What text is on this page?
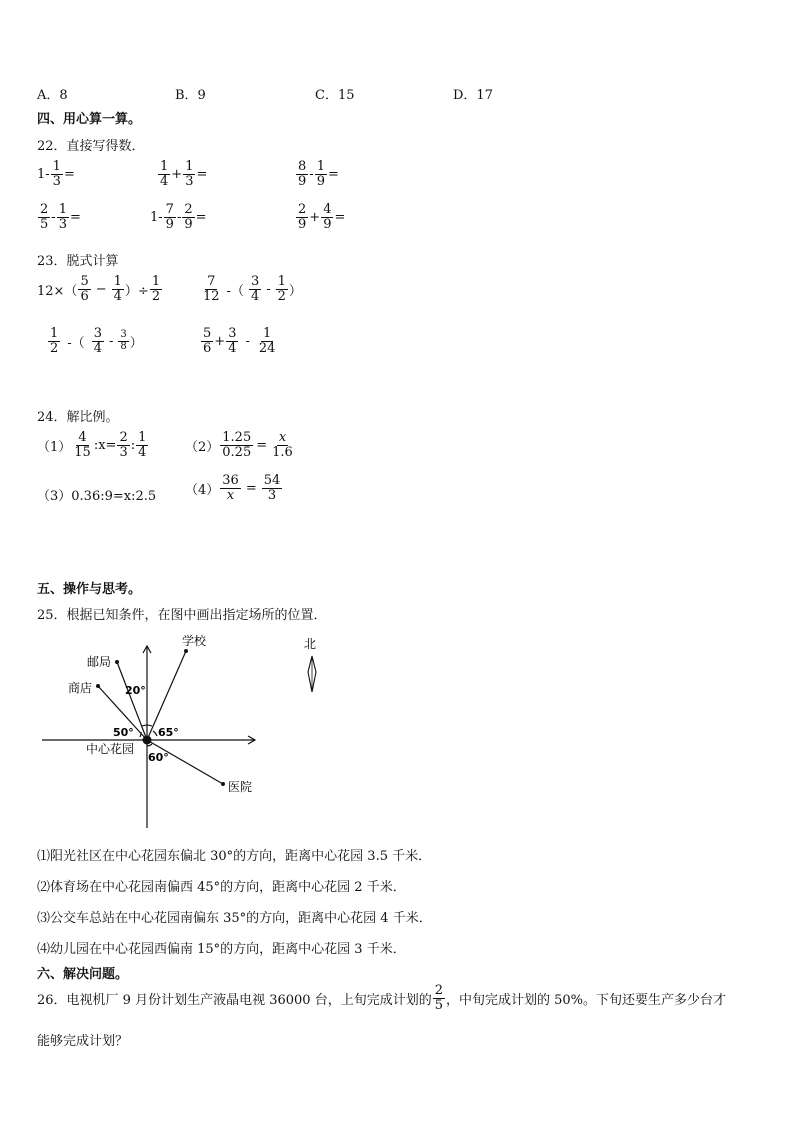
A．8	B．9	C．15	D．17
四、用心算一算。
22．直接写得数．
$1- \frac{1}{3}$ =	$\frac{1}{4} + \frac{1}{3}$ =	$\frac{8}{9} - \frac{1}{9}$ =
$\frac{2}{5} - \frac{1}{3}$ =	$1- \frac{7}{9} - \frac{2}{9}$ =	$\frac{2}{9} + \frac{4}{9}$ =
23．脱式计算
$12\times( \frac{5}{6} - \frac{1}{4}$ ）÷ $\frac{1}{2}$	$\frac{7}{12}$ -（ $\frac{3}{4} - \frac{1}{2}$ ）
$\frac{1}{2}$ -（ $\frac{3}{4} - \frac{3}{8}$ ）	$\frac{5}{6} + \frac{3}{4} - \frac{1}{24}$
24．解比例。
$(1) \frac{4}{15}$ :x= $\frac{2}{3}$ : $\frac{1}{4}$	$(2) \frac{1.25}{0.25} = \frac{x}{1.6}$
（3）0.36:9=x:2.5 $(4) \frac{36}{x} = \frac{54}{3}$
五、操作与思考。
25．根据已知条件，在图中画出指定场所的位置．
学校
邮局
商店
中心花园
医院
20°
50° 65°
60°
北
⑴阳光社区在中心花园东偏北 30°的方向，距离中心花园 3.5 千米．
⑵体育场在中心花园南偏西 45°的方向，距离中心花园 2 千米．
⑶公交车总站在中心花园南偏东 35°的方向，距离中心花园 4 千米．
⑷幼儿园在中心花园西偏南 15°的方向，距离中心花园 3 千米．
六、解决问题。
26．电视机厂 9 月份计划生产液晶电视 36000 台，上旬完成计划的 $\frac{2}{5}$ ，中旬完成计划的 50%。下旬还要生产多少台才
能够完成计划？
